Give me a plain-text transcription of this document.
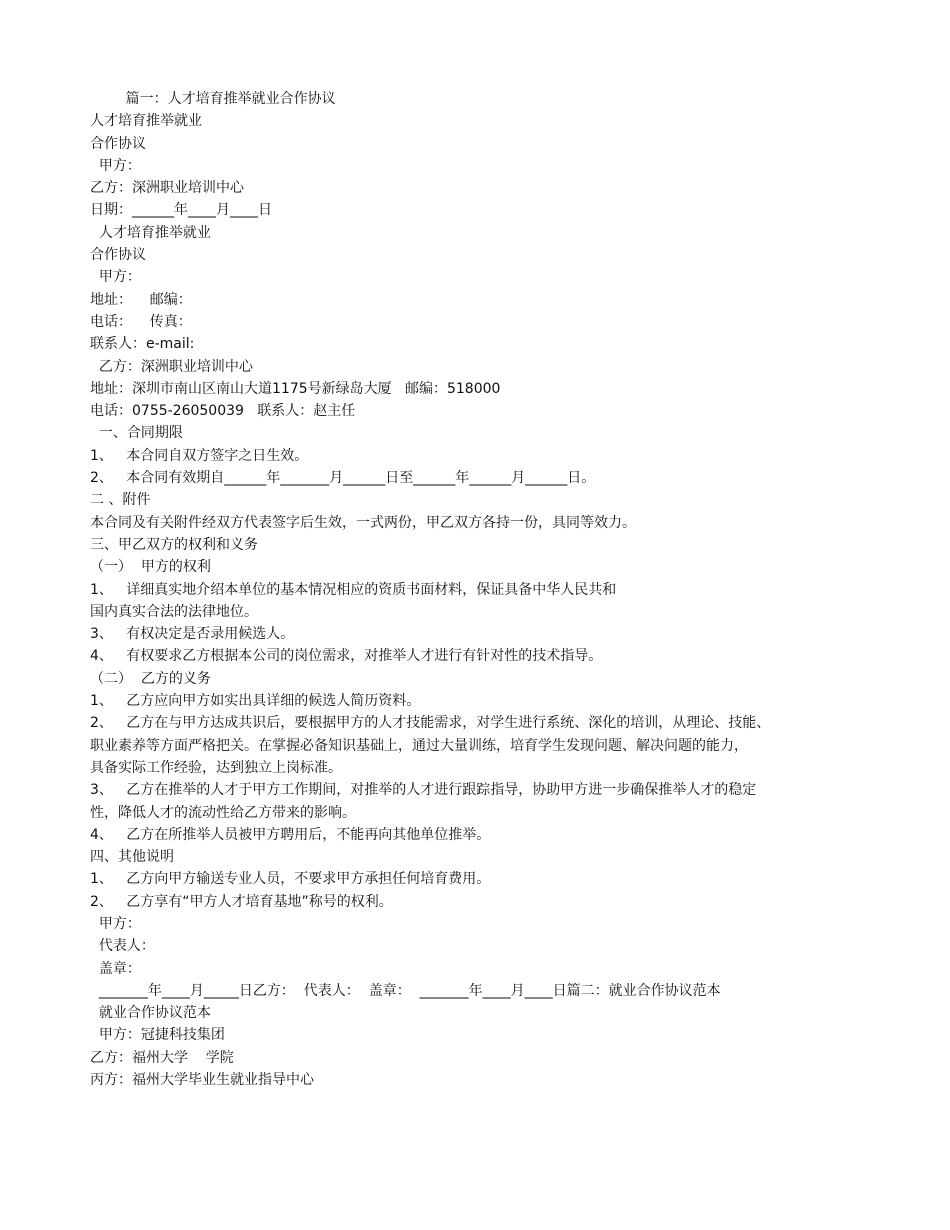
篇一：人才培育推举就业合作协议
人才培育推举就业
合作协议
甲方：
乙方：深洲职业培训中心
日期：______年____月____日
人才培育推举就业
合作协议
甲方：
地址：    邮编：
电话：    传真：
联系人：e-mail:
乙方：深洲职业培训中心
地址：深圳市南山区南山大道1175号新绿岛大厦   邮编：518000
电话：0755-26050039   联系人：赵主任
一、合同期限
1、   本合同自双方签字之日生效。
2、   本合同有效期自______年_______月______日至______年______月______日。
二 、附件
本合同及有关附件经双方代表签字后生效，一式两份，甲乙双方各持一份，具同等效力。
三、甲乙双方的权利和义务
（一）  甲方的权利
1、   详细真实地介绍本单位的基本情况相应的资质书面材料，保证具备中华人民共和
国内真实合法的法律地位。
3、   有权决定是否录用候选人。
4、   有权要求乙方根据本公司的岗位需求，对推举人才进行有针对性的技术指导。
（二）  乙方的义务
1、   乙方应向甲方如实出具详细的候选人简历资料。
2、   乙方在与甲方达成共识后，要根据甲方的人才技能需求，对学生进行系统、深化的培训，从理论、技能、
职业素养等方面严格把关。在掌握必备知识基础上，通过大量训练，培育学生发现问题、解决问题的能力，
具备实际工作经验，达到独立上岗标准。
3、   乙方在推举的人才于甲方工作期间，对推举的人才进行跟踪指导，协助甲方进一步确保推举人才的稳定
性，降低人才的流动性给乙方带来的影响。
4、   乙方在所推举人员被甲方聘用后，不能再向其他单位推举。
四、其他说明
1、   乙方向甲方输送专业人员，不要求甲方承担任何培育费用。
2、   乙方享有“甲方人才培育基地”称号的权利。
甲方：
代表人：
盖章：
_______年____月_____日乙方：  代表人：  盖章：  _______年____月____日篇二：就业合作协议范本
就业合作协议范本
甲方：冠捷科技集团
乙方：福州大学    学院
丙方：福州大学毕业生就业指导中心
